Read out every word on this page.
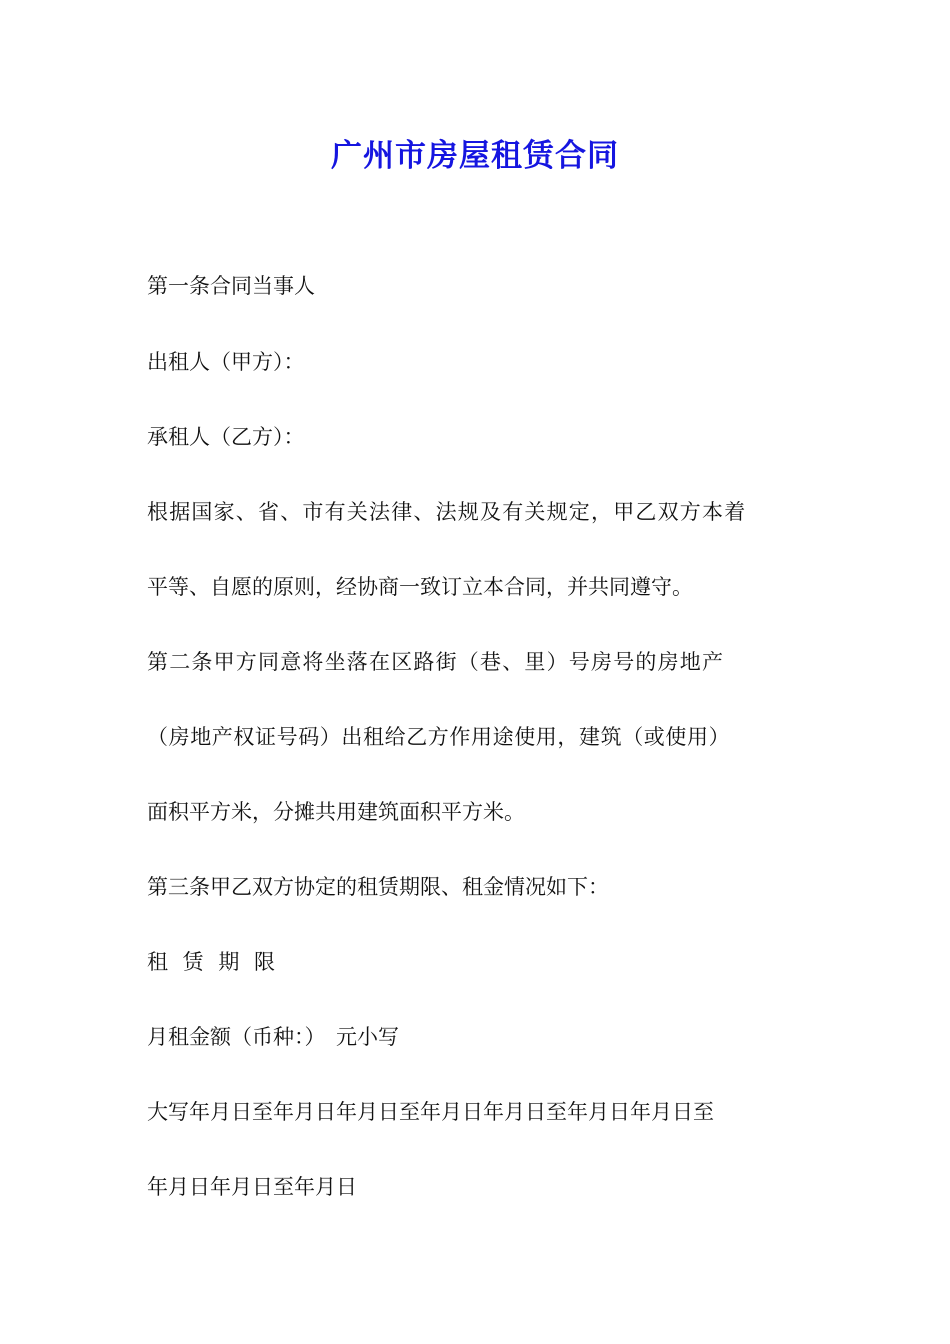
广州市房屋租赁合同
第一条合同当事人
出租人（甲方）：
承租人（乙方）：
根据国家、省、市有关法律、法规及有关规定，甲乙双方本着
平等、自愿的原则，经协商一致订立本合同，并共同遵守。
第二条甲方同意将坐落在区路街（巷、里）号房号的房地产
（房地产权证号码）出租给乙方作用途使用，建筑（或使用）
面积平方米，分摊共用建筑面积平方米。
第三条甲乙双方协定的租赁期限、租金情况如下：
租 赁 期 限
月租金额（币种：）　元小写
大写年月日至年月日年月日至年月日年月日至年月日年月日至
年月日年月日至年月日
